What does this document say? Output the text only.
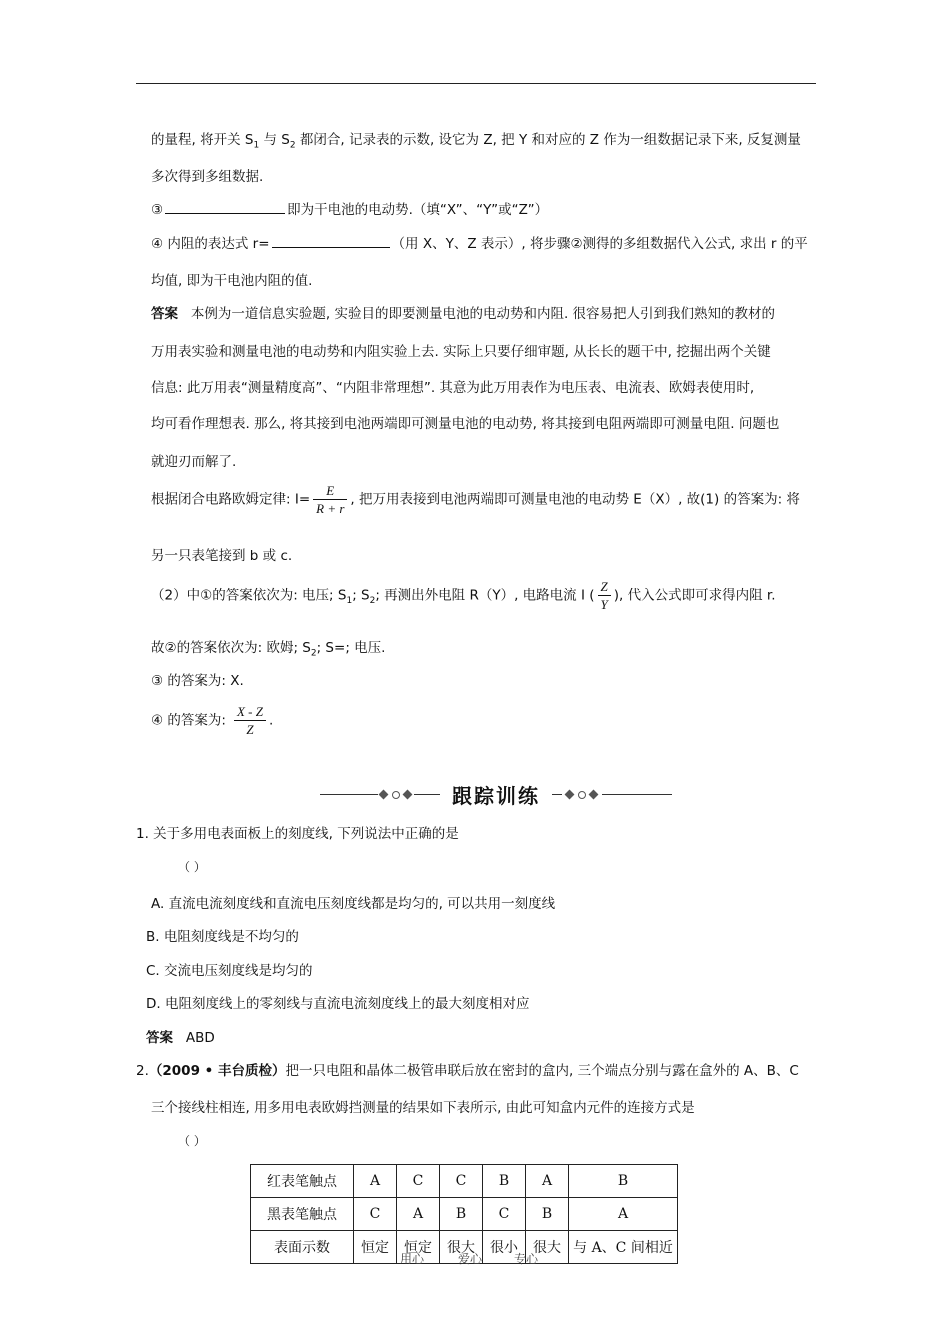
的量程, 将开关 $S_1$ 与 $S_2$ 都闭合, 记录表的示数, 设它为 Z, 把 Y 和对应的 Z 作为一组数据记录下来, 反复测量
多次得到多组数据.
③	即为干电池的电动势.（填“X”、“Y”或“Z”）
④ 内阻的表达式 r=	（用 X、Y、Z 表示）, 将步骤②测得的多组数据代入公式, 求出 r 的平
均值, 即为干电池内阻的值.
答案 本例为一道信息实验题, 实验目的即要测量电池的电动势和内阻. 很容易把人引到我们熟知的教材的
万用表实验和测量电池的电动势和内阻实验上去. 实际上只要仔细审题, 从长长的题干中, 挖掘出两个关键
信息: 此万用表“测量精度高”、“内阻非常理想”. 其意为此万用表作为电压表、电流表、欧姆表使用时,
均可看作理想表. 那么, 将其接到电池两端即可测量电池的电动势, 将其接到电阻两端即可测量电阻. 问题也
就迎刃而解了.
根据闭合电路欧姆定律: $I= \frac{E}{R + r}$ , 把万用表接到电池两端即可测量电池的电动势 E（X）, 故(1) 的答案为: 将
另一只表笔接到 b 或 c.
（2）中①的答案依次为: 电压; $S_1$; $S_2$; 再测出外电阻 R（Y）, 电路电流 I ( $\frac{Z}{Y}$ ), 代入公式即可求得内阻 r.
故②的答案依次为: 欧姆; $S_2$; S=; 电压.
③ 的答案为: X.
④ 的答案为: $\frac{X - Z}{Z}$ .
跟踪训练
1. 关于多用电表面板上的刻度线, 下列说法中正确的是
（ ）
A. 直流电流刻度线和直流电压刻度线都是均匀的, 可以共用一刻度线
B. 电阻刻度线是不均匀的
C. 交流电压刻度线是均匀的
D. 电阻刻度线上的零刻线与直流电流刻度线上的最大刻度相对应
答案 ABD
2.（2009 • 丰台质检）把一只电阻和晶体二极管串联后放在密封的盒内, 三个端点分别与露在盒外的 A、B、C
三个接线柱相连, 用多用电表欧姆挡测量的结果如下表所示, 由此可知盒内元件的连接方式是
（ ）
红表笔触点	A	C	C	B	A	B
黑表笔触点	C	A	B	C	B	A
表面示数	恒定	恒定	很大	很小	很大	与 A、C 间相近
用心	爱心	专心
